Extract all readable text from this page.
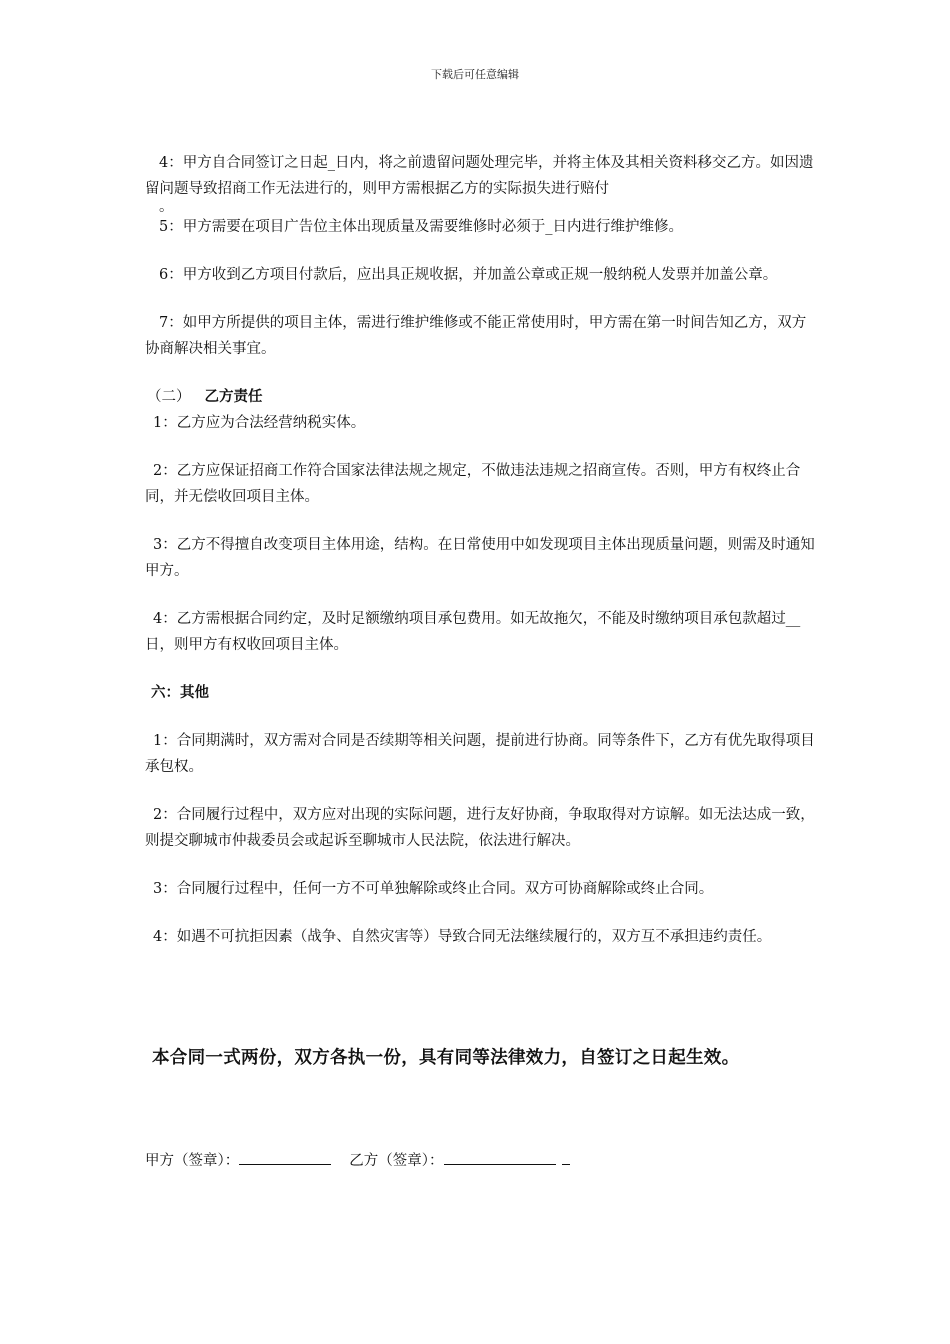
下载后可任意编辑

4：甲方自合同签订之日起_日内，将之前遗留问题处理完毕，并将主体及其相关资料移交乙方。如因遗留问题导致招商工作无法进行的，则甲方需根据乙方的实际损失进行赔付

。

5：甲方需要在项目广告位主体出现质量及需要维修时必须于_日内进行维护维修。

6：甲方收到乙方项目付款后，应出具正规收据，并加盖公章或正规一般纳税人发票并加盖公章。

7：如甲方所提供的项目主体，需进行维护维修或不能正常使用时，甲方需在第一时间告知乙方，双方协商解决相关事宜。

（二） 乙方责任

1：乙方应为合法经营纳税实体。

2：乙方应保证招商工作符合国家法律法规之规定，不做违法违规之招商宣传。否则，甲方有权终止合同，并无偿收回项目主体。

3：乙方不得擅自改变项目主体用途，结构。在日常使用中如发现项目主体出现质量问题，则需及时通知甲方。

4：乙方需根据合同约定，及时足额缴纳项目承包费用。如无故拖欠，不能及时缴纳项目承包款超过__日，则甲方有权收回项目主体。

六：其他

1：合同期满时，双方需对合同是否续期等相关问题，提前进行协商。同等条件下，乙方有优先取得项目承包权。

2：合同履行过程中，双方应对出现的实际问题，进行友好协商，争取取得对方谅解。如无法达成一致，则提交聊城市仲裁委员会或起诉至聊城市人民法院，依法进行解决。

3：合同履行过程中，任何一方不可单独解除或终止合同。双方可协商解除或终止合同。

4：如遇不可抗拒因素（战争、自然灾害等）导致合同无法继续履行的，双方互不承担违约责任。

本合同一式两份，双方各执一份，具有同等法律效力，自签订之日起生效。
甲方（签章）：	乙方（签章）：
